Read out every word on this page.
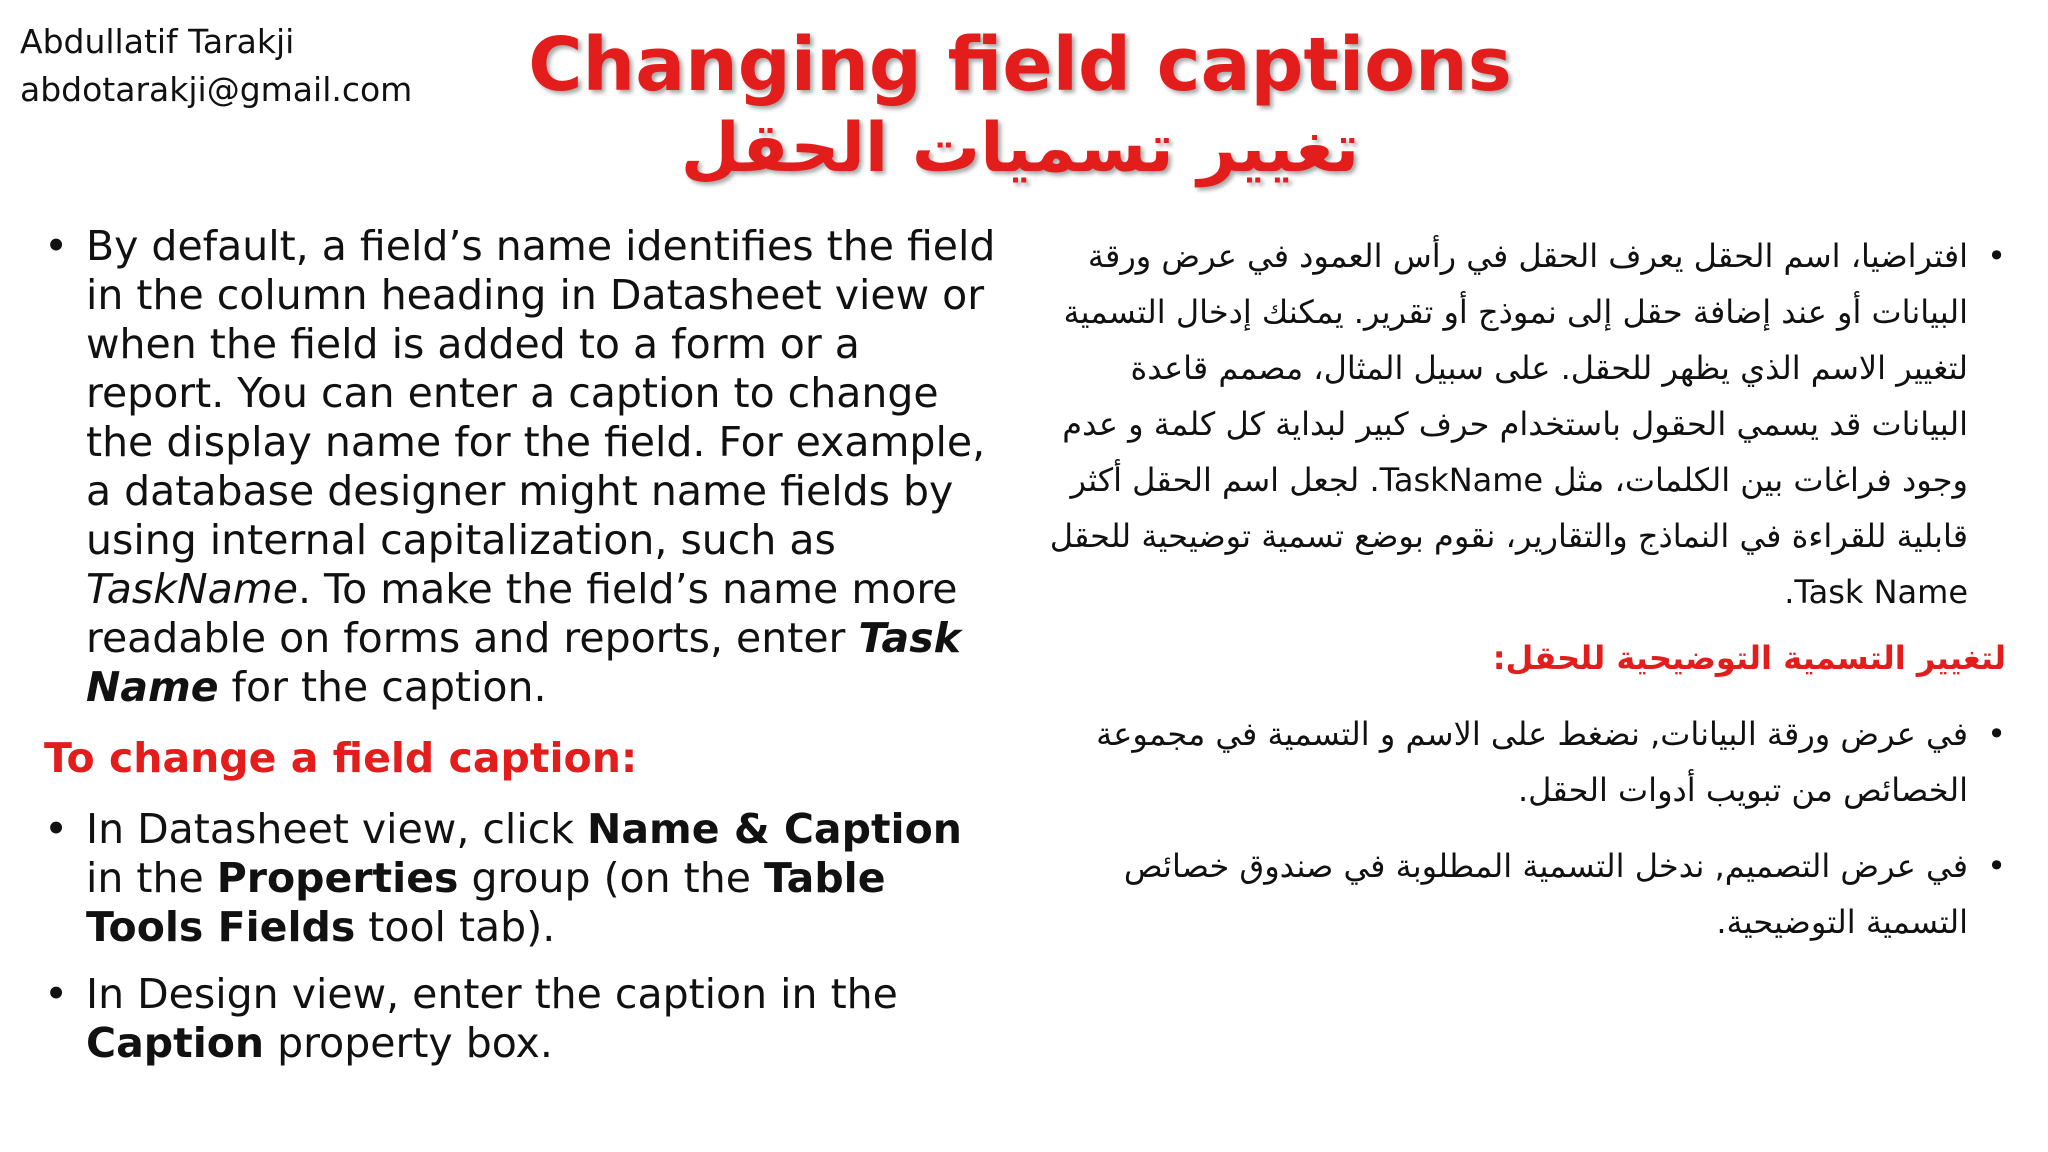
Abdullatif Tarakji
abdotarakji@gmail.com	Changing field captions
تغيير تسميات الحقل

• By default, a field’s name identifies the field in the column heading in Datasheet view or when the field is added to a form or a report. You can enter a caption to change the display name for the field. For example, a database designer might name fields by using internal capitalization, such as TaskName. To make the field’s name more readable on forms and reports, enter Task Name for the caption.

To change a field caption:

• In Datasheet view, click Name & Caption in the Properties group (on the Table Tools Fields tool tab).

• In Design view, enter the caption in the Caption property box.

• افتراضيا، اسم الحقل يعرف الحقل في رأس العمود في عرض ورقة البيانات أو عند إضافة حقل إلى نموذج أو تقرير. يمكنك إدخال التسمية لتغيير الاسم الذي يظهر للحقل. على سبيل المثال، مصمم قاعدة البيانات قد يسمي الحقول باستخدام حرف كبير لبداية كل كلمة و عدم وجود فراغات بين الكلمات، مثل TaskName. لجعل اسم الحقل أكثر قابلية للقراءة في النماذج والتقارير، نقوم بوضع تسمية توضيحية للحقل Task Name.

لتغيير التسمية التوضيحية للحقل:

• في عرض ورقة البيانات, نضغط على الاسم و التسمية في مجموعة الخصائص من تبويب أدوات الحقل.

• في عرض التصميم, ندخل التسمية المطلوبة في صندوق خصائص التسمية التوضيحية.
